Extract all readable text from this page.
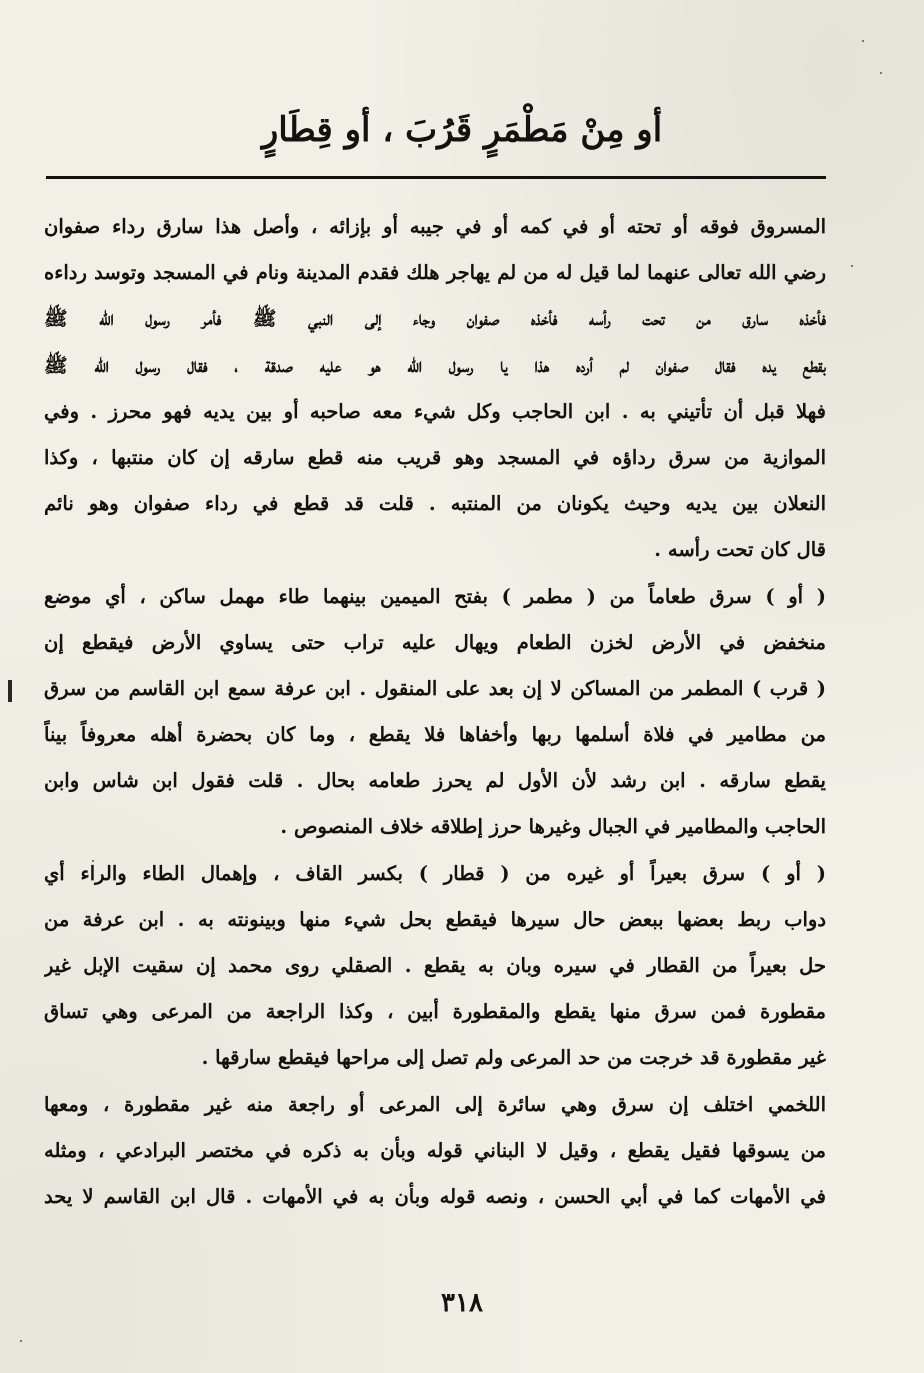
أو مِنْ مَطْمَرٍ قَرُبَ ، أو قِطَارٍ
المسروق فوقه أو تحته أو في كمه أو في جيبه أو بإزائه ، وأصل هذا سارق رداء صفوان
رضي الله تعالى عنهما لما قيل له من لم يهاجر هلك فقدم المدينة ونام في المسجد وتوسد رداءه
فأخذه سارق من تحت رأسه فأخذه صفوان وجاء إلى النبي ﷺ فأمر رسول الله ﷺ
بقطع يده فقال صفوان لم أرده هذا يا رسول الله هو عليه صدقة ، فقال رسول الله ﷺ
فهلا قبل أن تأتيني به . ابن الحاجب وكل شيء معه صاحبه أو بين يديه فهو محرز . وفي
الموازية من سرق رداؤه في المسجد وهو قريب منه قطع سارقه إن كان منتبها ، وكذا
النعلان بين يديه وحيث يكونان من المنتبه . قلت قد قطع في رداء صفوان وهو نائم
قال كان تحت رأسه .
( أو ) سرق طعاماً من ( مطمر ) بفتح الميمين بينهما طاء مهمل ساكن ، أي موضع
منخفض في الأرض لخزن الطعام ويهال عليه تراب حتى يساوي الأرض فيقطع إن
( قرب ) المطمر من المساكن لا إن بعد على المنقول . ابن عرفة سمع ابن القاسم من سرق
من مطامير في فلاة أسلمها ربها وأخفاها فلا يقطع ، وما كان بحضرة أهله معروفاً بيناً
يقطع سارقه . ابن رشد لأن الأول لم يحرز طعامه بحال . قلت فقول ابن شاس وابن
الحاجب والمطامير في الجبال وغيرها حرز إطلاقه خلاف المنصوص .
( أو ) سرق بعيراً أو غيره من ( قطار ) بكسر القاف ، وإهمال الطاء والراء أي
دواب ربط بعضها ببعض حال سيرها فيقطع بحل شيء منها وبينونته به . ابن عرفة من
حل بعيراً من القطار في سيره وبان به يقطع . الصقلي روى محمد إن سقيت الإبل غير
مقطورة فمن سرق منها يقطع والمقطورة أبين ، وكذا الراجعة من المرعى وهي تساق
غير مقطورة قد خرجت من حد المرعى ولم تصل إلى مراحها فيقطع سارقها .
اللخمي اختلف إن سرق وهي سائرة إلى المرعى أو راجعة منه غير مقطورة ، ومعها
من يسوقها فقيل يقطع ، وقيل لا البناني قوله وبأن به ذكره في مختصر البرادعي ، ومثله
في الأمهات كما في أبي الحسن ، ونصه قوله وبأن به في الأمهات . قال ابن القاسم لا يحد
٣١٨
